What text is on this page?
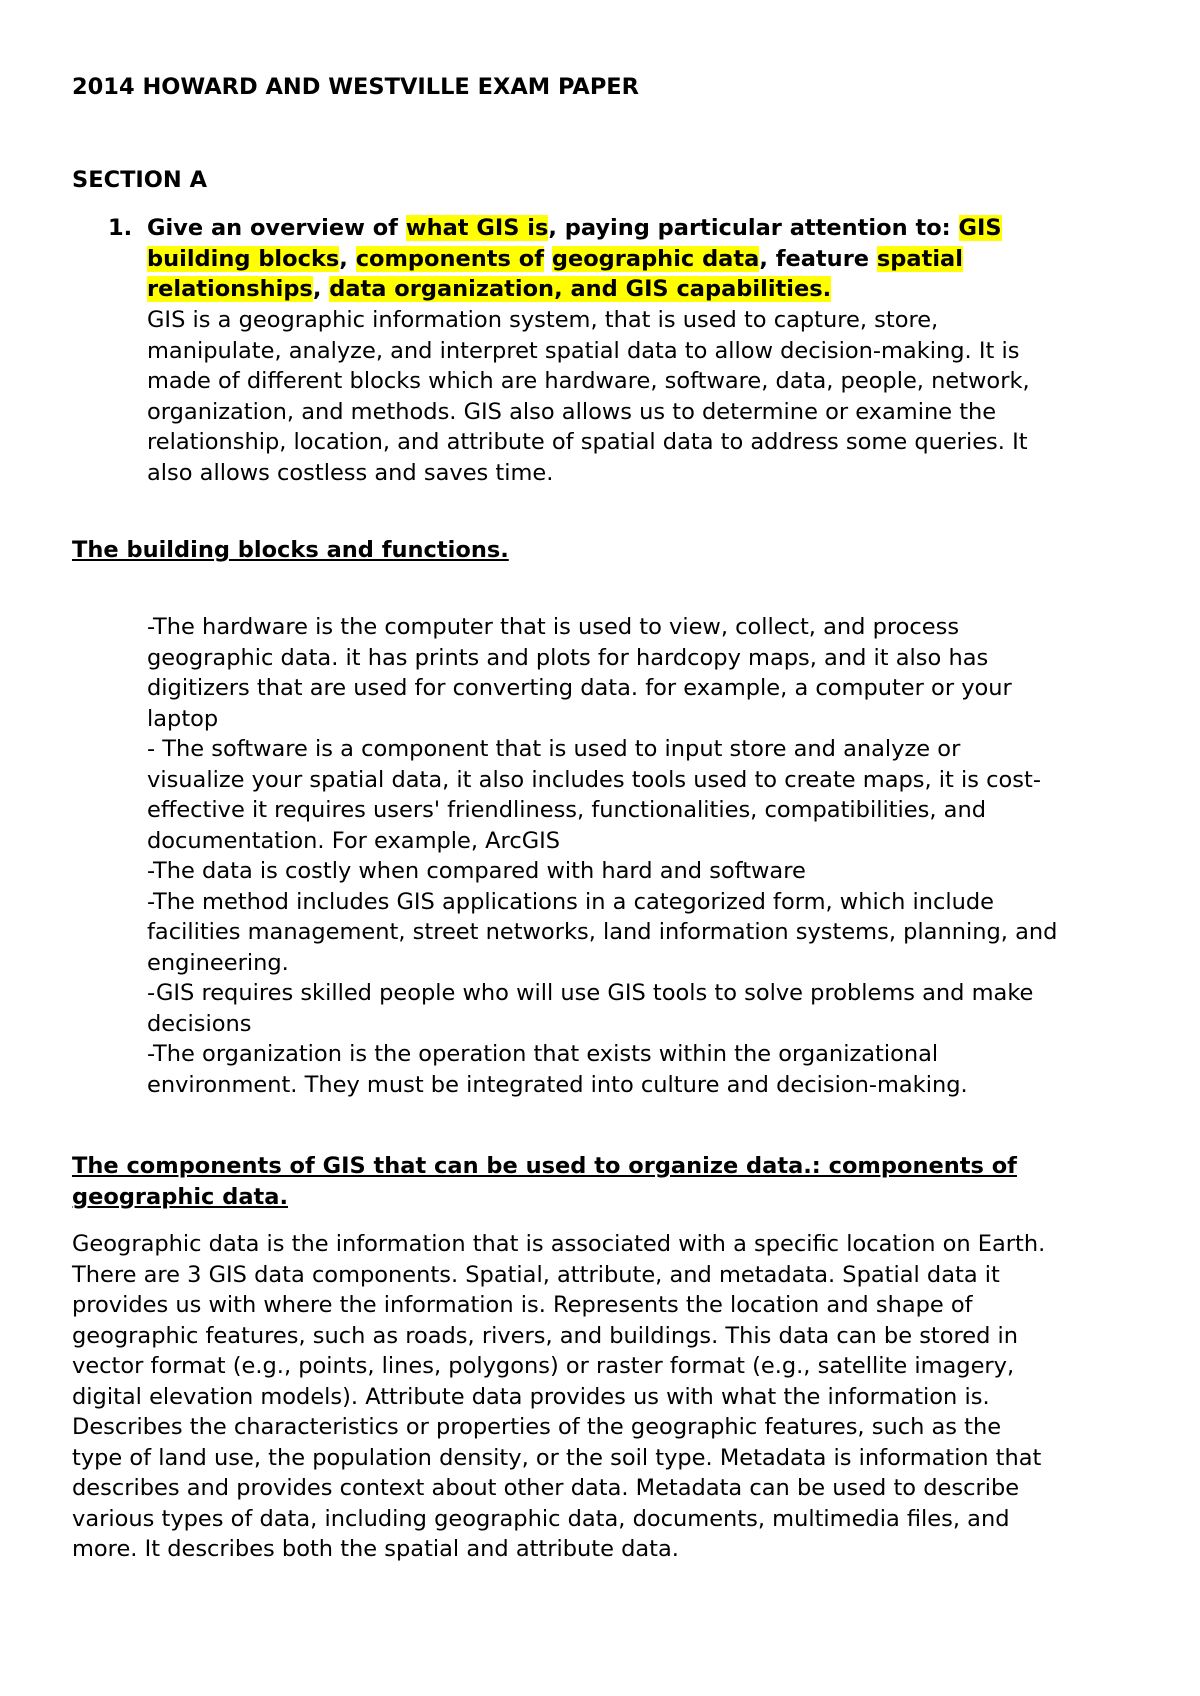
2014 HOWARD AND WESTVILLE EXAM PAPER
SECTION A
1. Give an overview of what GIS is, paying particular attention to: GIS building blocks, components of geographic data, feature spatial relationships, data organization, and GIS capabilities.
GIS is a geographic information system, that is used to capture, store,
manipulate, analyze, and interpret spatial data to allow decision-making. It is
made of different blocks which are hardware, software, data, people, network,
organization, and methods. GIS also allows us to determine or examine the
relationship, location, and attribute of spatial data to address some queries. It
also allows costless and saves time.
The building blocks and functions.
-The hardware is the computer that is used to view, collect, and process
geographic data. it has prints and plots for hardcopy maps, and it also has
digitizers that are used for converting data. for example, a computer or your
laptop
- The software is a component that is used to input store and analyze or
visualize your spatial data, it also includes tools used to create maps, it is cost-
effective it requires users' friendliness, functionalities, compatibilities, and
documentation. For example, ArcGIS
-The data is costly when compared with hard and software
-The method includes GIS applications in a categorized form, which include
facilities management, street networks, land information systems, planning, and
engineering.
-GIS requires skilled people who will use GIS tools to solve problems and make
decisions
-The organization is the operation that exists within the organizational
environment. They must be integrated into culture and decision-making.
The components of GIS that can be used to organize data.: components of
geographic data.
Geographic data is the information that is associated with a specific location on Earth.
There are 3 GIS data components. Spatial, attribute, and metadata. Spatial data it
provides us with where the information is. Represents the location and shape of
geographic features, such as roads, rivers, and buildings. This data can be stored in
vector format (e.g., points, lines, polygons) or raster format (e.g., satellite imagery,
digital elevation models). Attribute data provides us with what the information is.
Describes the characteristics or properties of the geographic features, such as the
type of land use, the population density, or the soil type. Metadata is information that
describes and provides context about other data. Metadata can be used to describe
various types of data, including geographic data, documents, multimedia files, and
more. It describes both the spatial and attribute data.
